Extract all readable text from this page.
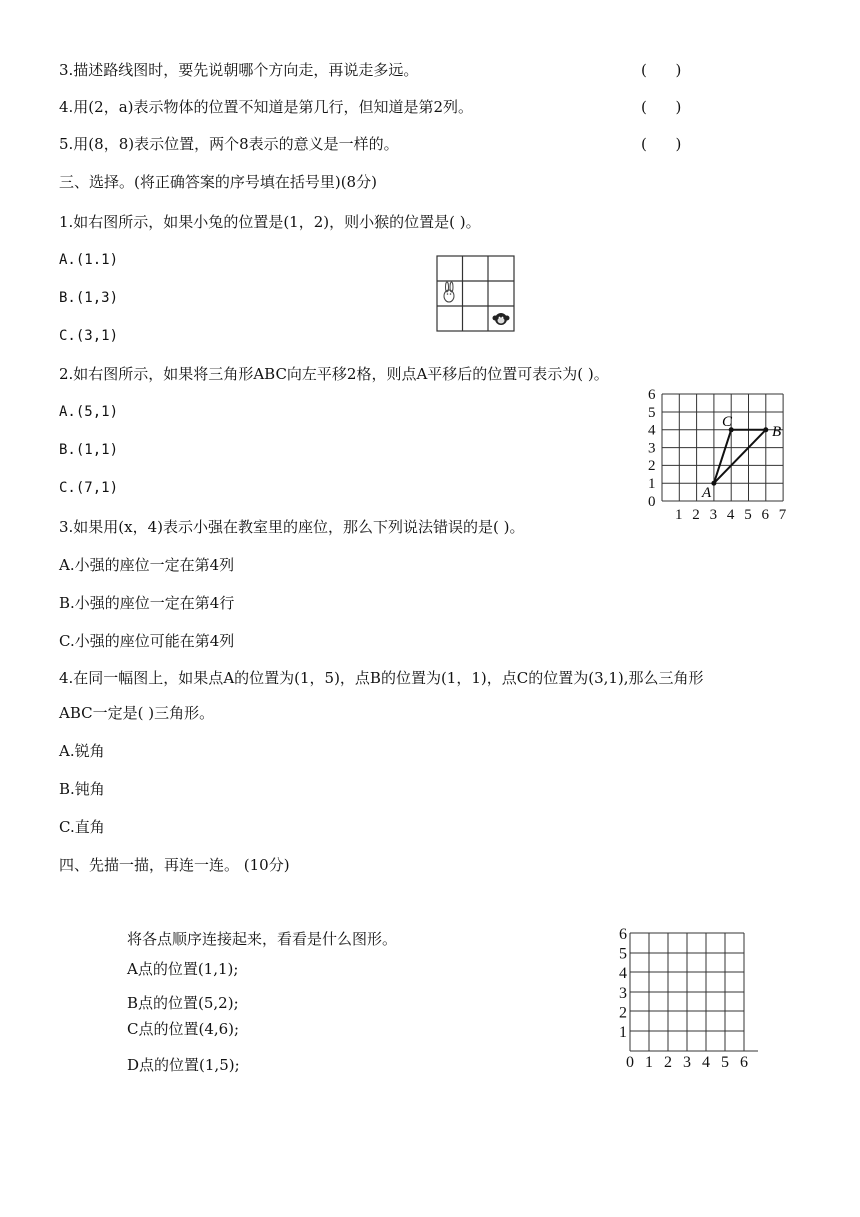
3.描述路线图时，要先说朝哪个方向走，再说走多远。	(      )
4.用(2，a)表示物体的位置不知道是第几行，但知道是第2列。	(      )
5.用(8，8)表示位置，两个8表示的意义是一样的。	(      )
三、选择。(将正确答案的序号填在括号里)(8分)
1.如右图所示，如果小兔的位置是(1，2)，则小猴的位置是( )。
A.(1.1)
B.(1,3)
C.(3,1)
2.如右图所示，如果将三角形ABC向左平移2格，则点A平移后的位置可表示为( )。
A.(5,1)
B.(1,1)
C.(7,1)
6
5
4
3
2
1
0
1 2 3 4 5 6 7
A
C
B
3.如果用(x，4)表示小强在教室里的座位，那么下列说法错误的是( )。
A.小强的座位一定在第4列
B.小强的座位一定在第4行
C.小强的座位可能在第4列
4.在同一幅图上，如果点A的位置为(1，5)，点B的位置为(1，1)，点C的位置为(3,1),那么三角形
ABC一定是( )三角形。
A.锐角
B.钝角
C.直角
四、先描一描，再连一连。 (10分)
将各点顺序连接起来，看看是什么图形。
A点的位置(1,1);
B点的位置(5,2);
C点的位置(4,6);
D点的位置(1,5);
6
5
4
3
2
1
0 1 2 3 4 5 6
